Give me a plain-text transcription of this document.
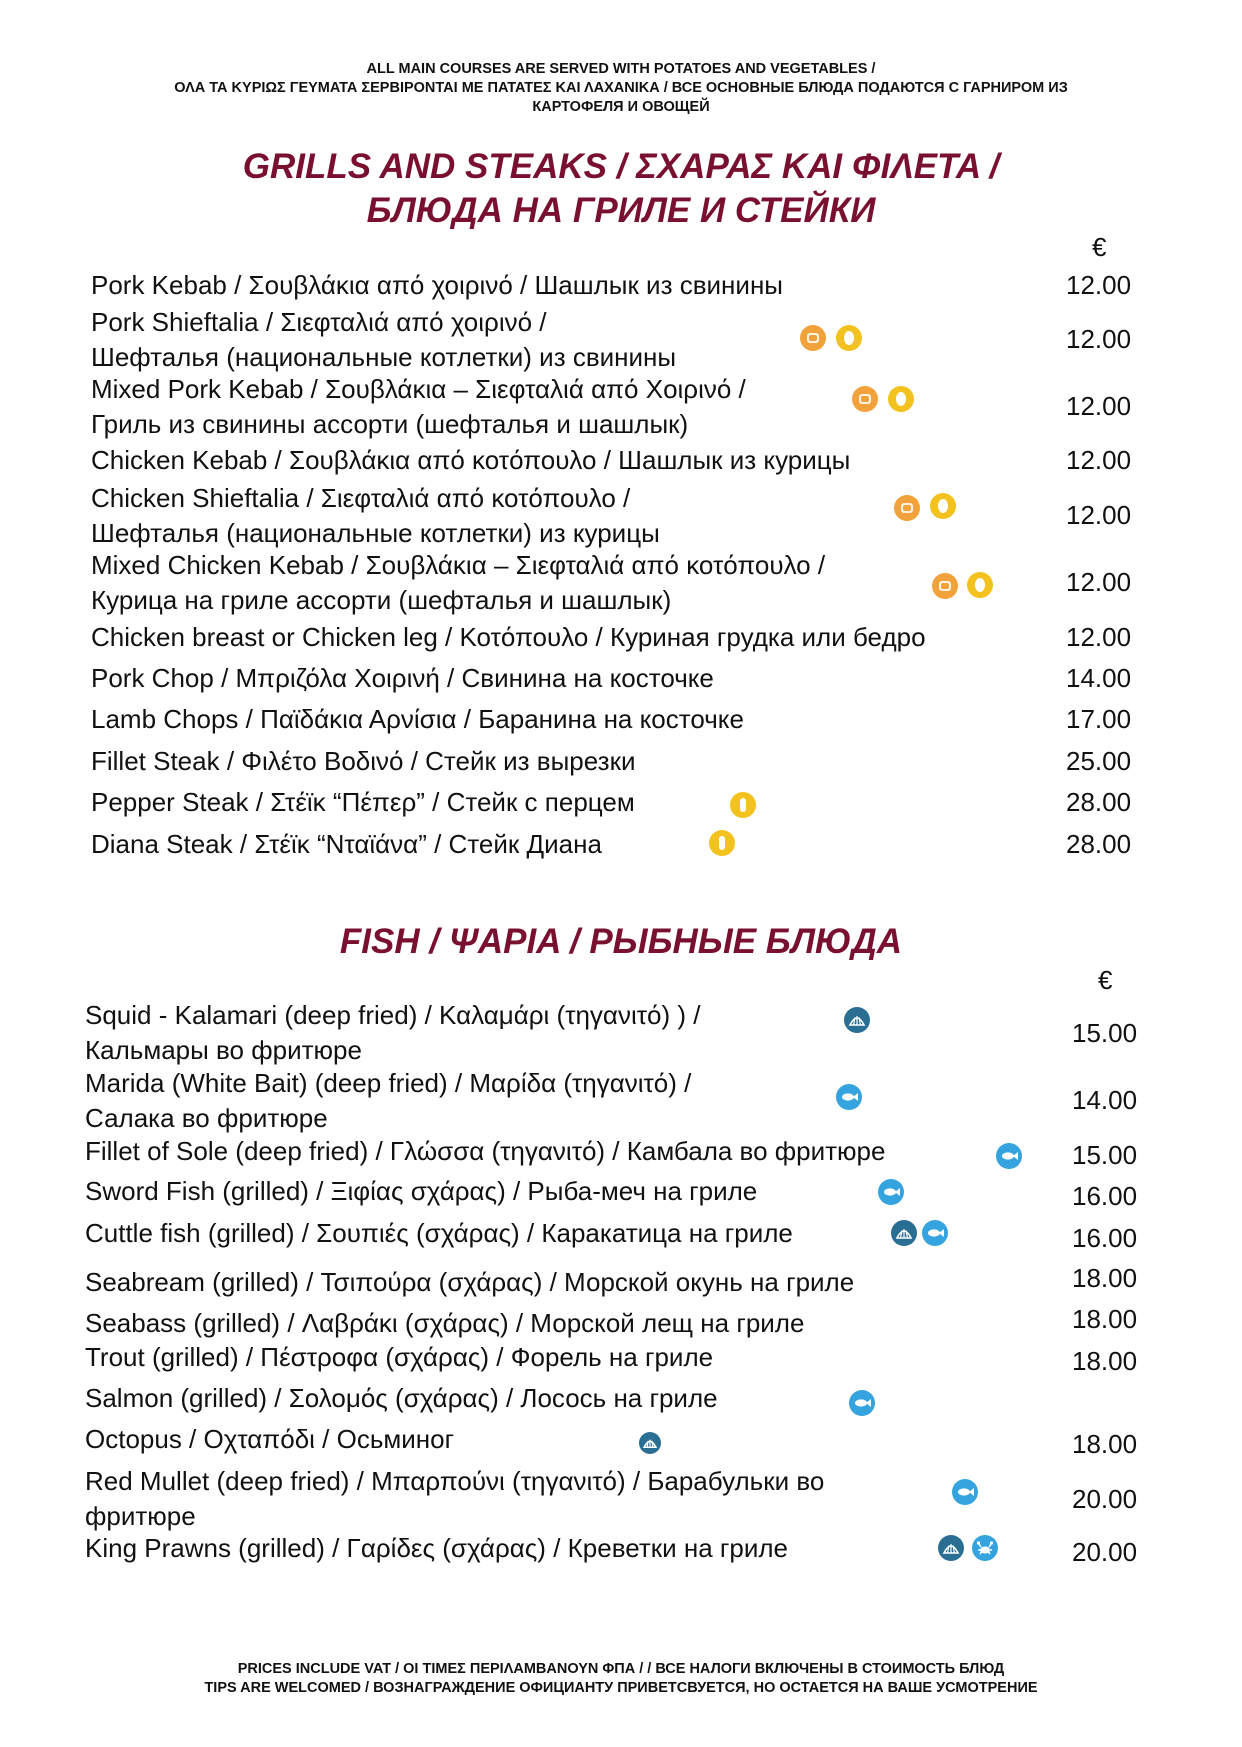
ALL MAIN COURSES ARE SERVED WITH POTATOES AND VEGETABLES /
ΟΛΑ ΤΑ ΚΥΡΙΩΣ ΓΕΥΜΑΤΑ ΣΕΡΒΙΡΟΝΤΑΙ ΜΕ ΠΑΤΑΤΕΣ ΚΑΙ ΛΑΧΑΝΙΚΑ / ВСЕ ОСНОВНЫЕ БЛЮДА ПОДАЮТСЯ С ГАРНИРОМ ИЗ
КАРТОФЕЛЯ И ОВОЩЕЙ
GRILLS AND STEAKS / ΣΧΑΡΑΣ ΚΑΙ ΦΙΛΕΤΑ /
БЛЮДА НА ГРИЛЕ И СТЕЙКИ
€
Pork Kebab / Σουβλάκια από χοιρινό / Шашлык из свинины	12.00
Pork Shieftalia / Σιεφταλιά από χοιρινό /
Шефталья (национальные котлетки) из свинины
12.00
Mixed Pork Kebab / Σουβλάκια – Σιεφταλιά από Χοιρινό /
Гриль из свинины ассорти (шефталья и шашлык)
12.00
Chicken Kebab / Σουβλάκια από κοτόπουλο / Шашлык из курицы	12.00
Chicken Shieftalia / Σιεφταλιά από κοτόπουλο /
Шефталья (национальные котлетки) из курицы
12.00
Mixed Chicken Kebab / Σουβλάκια – Σιεφταλιά από κοτόπουλο /
Курица на гриле ассорти (шефталья и шашлык)
12.00
Chicken breast or Chicken leg / Κοτόπουλο / Куриная грудка или бедро	12.00
Pork Chop / Μπριζόλα Χοιρινή / Свинина на косточке	14.00
Lamb Chops / Παϊδάκια Αρνίσια / Баранина на косточке	17.00
Fillet Steak / Φιλέτο Βοδινό / Стейк из вырезки	25.00
Pepper Steak / Στέϊκ “Πέπερ” / Стейк с перцем	28.00
Diana Steak / Στέϊκ “Νταϊάνα” / Стейк Диана	28.00
FISH / ΨΑΡΙΑ / РЫБНЫЕ БЛЮДА
€
Squid - Kalamari (deep fried) / Καλαμάρι (τηγανιτό) ) /
Кальмары во фритюре
15.00
Marida (White Bait) (deep fried) / Μαρίδα (τηγανιτό) /
Салака во фритюре
14.00
Fillet of Sole (deep fried) / Γλώσσα (τηγανιτό) / Камбала во фритюре	15.00
Sword Fish (grilled) / Ξιφίας σχάρας) / Рыба-меч на гриле	16.00
Cuttle fish (grilled) / Σουπιές (σχάρας) / Каракатица на гриле	16.00
Seabream (grilled) / Τσιπούρα (σχάρας) / Морской окунь на гриле	18.00
Seabass (grilled) / Λαβράκι (σχάρας) / Морской лещ на гриле	18.00
Trout (grilled) / Πέστροφα (σχάρας) / Форель на гриле	18.00
Salmon (grilled) / Σολομός (σχάρας) / Лосось на гриле
Octopus / Οχταπόδι / Осьминог	18.00
Red Mullet (deep fried) / Μπαρπούνι (τηγανιτό) / Барабульки во
фритюре
20.00
King Prawns (grilled) / Γαρίδες (σχάρας) / Креветки на гриле	20.00
PRICES INCLUDE VAT / ΟΙ ΤΙΜΕΣ ΠΕΡΙΛΑΜΒΑΝΟΥΝ ΦΠΑ / / ВСЕ НАЛОГИ ВКЛЮЧЕНЫ В СТОИМОСТЬ БЛЮД
TIPS ARE WELCOMED / ВОЗНАГРАЖДЕНИЕ ОФИЦИАНТУ ПРИВЕТСВУЕТСЯ, НО ОСТАЕТСЯ НА ВАШЕ УСМОТРЕНИЕ
